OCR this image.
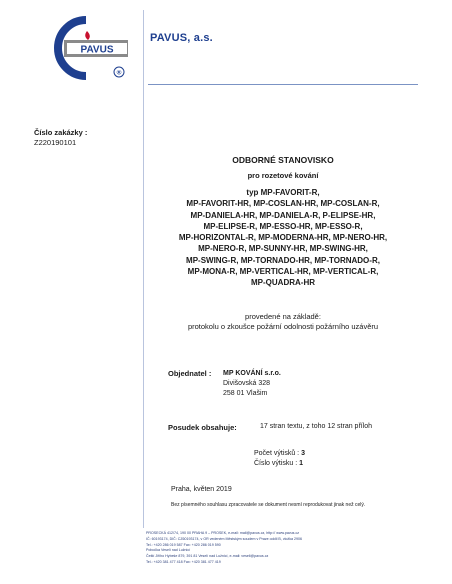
PAVUS
®
PAVUS, a.s.
Číslo zakázky :
Z220190101
ODBORNÉ STANOVISKO
pro rozetové kování
typ MP-FAVORIT-R,
MP-FAVORIT-HR, MP-COSLAN-HR, MP-COSLAN-R,
MP-DANIELA-HR, MP-DANIELA-R, P-ELIPSE-HR,
MP-ELIPSE-R, MP-ESSO-HR, MP-ESSO-R,
MP-HORIZONTAL-R, MP-MODERNA-HR, MP-NERO-HR,
MP-NERO-R, MP-SUNNY-HR, MP-SWING-HR,
MP-SWING-R, MP-TORNADO-HR, MP-TORNADO-R,
MP-MONA-R, MP-VERTICAL-HR, MP-VERTICAL-R,
MP-QUADRA-HR
provedené na základě:
protokolu o zkoušce požární odolnosti požárního uzávěru
Objednatel : MP KOVÁNÍ s.r.o.
Divišovská 328
258 01 Vlašim
Posudek obsahuje:	17 stran textu, z toho 12 stran příloh
Počet výtisků : 3
Číslo výtisku : 1
Praha, květen 2019
Bez písemného souhlasu zpracovatele se dokument nesmí reprodukovat jinak než celý.
PROSECKÁ 412/74, 190 00 PRAHA 9 – PROSEK, e-mail: mail@pavus.cz, http:// www.pavus.cz
IČ: 60193174, DIČ: CZ60193174, v OR vedeném Městským soudem v Praze oddíl B, vložka 2906
Tel.: +420 286 019 587 Fax: +420 286 019 590
Pobočka Veselí nad Lužnicí
Čeští Jiřího Hybeše 879, 391 81 Veselí nad Lužnicí, e-mail: veseli@pavus.cz
Tel.: +420 381 477 418 Fax: +420 381 477 419
